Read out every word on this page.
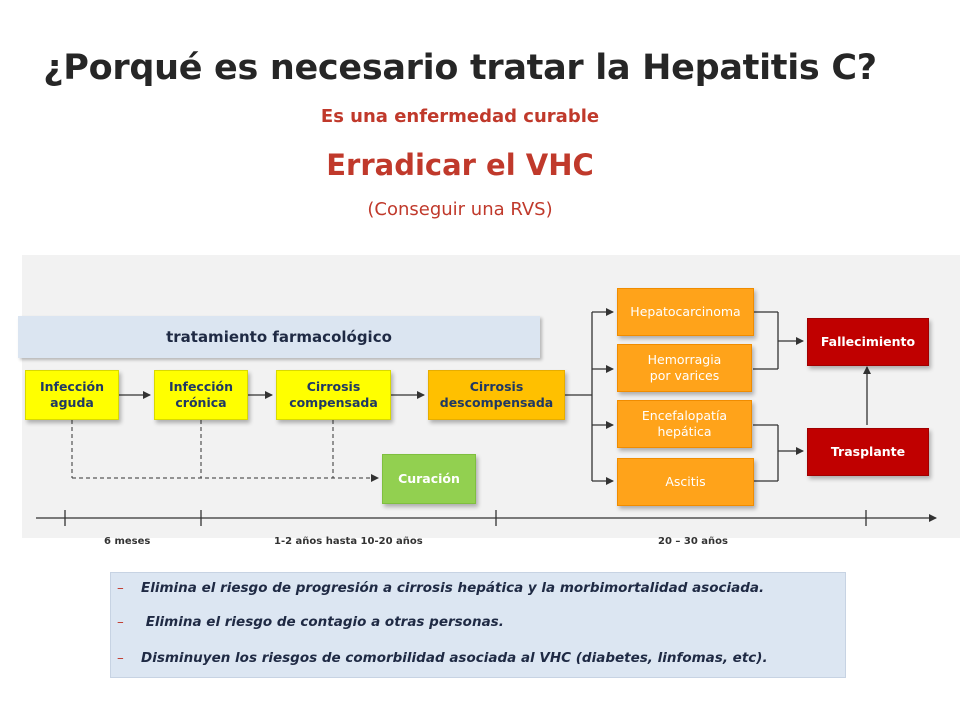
¿Porqué es necesario tratar la Hepatitis C?
Es una enfermedad curable
Erradicar el VHC
(Conseguir una RVS)
tratamiento farmacológico
Infección aguda
Infección crónica
Cirrosis compensada
Cirrosis descompensada
Curación
Hepatocarcinoma
Hemorragia por varices
Encefalopatía hepática
Ascitis
Fallecimiento
Trasplante
6 meses	1-2 años hasta 10-20 años	20 – 30 años
– Elimina el riesgo de progresión a cirrosis hepática y la morbimortalidad asociada.
– Elimina el riesgo de contagio a otras personas.
– Disminuyen los riesgos de comorbilidad asociada al VHC (diabetes, linfomas, etc).
